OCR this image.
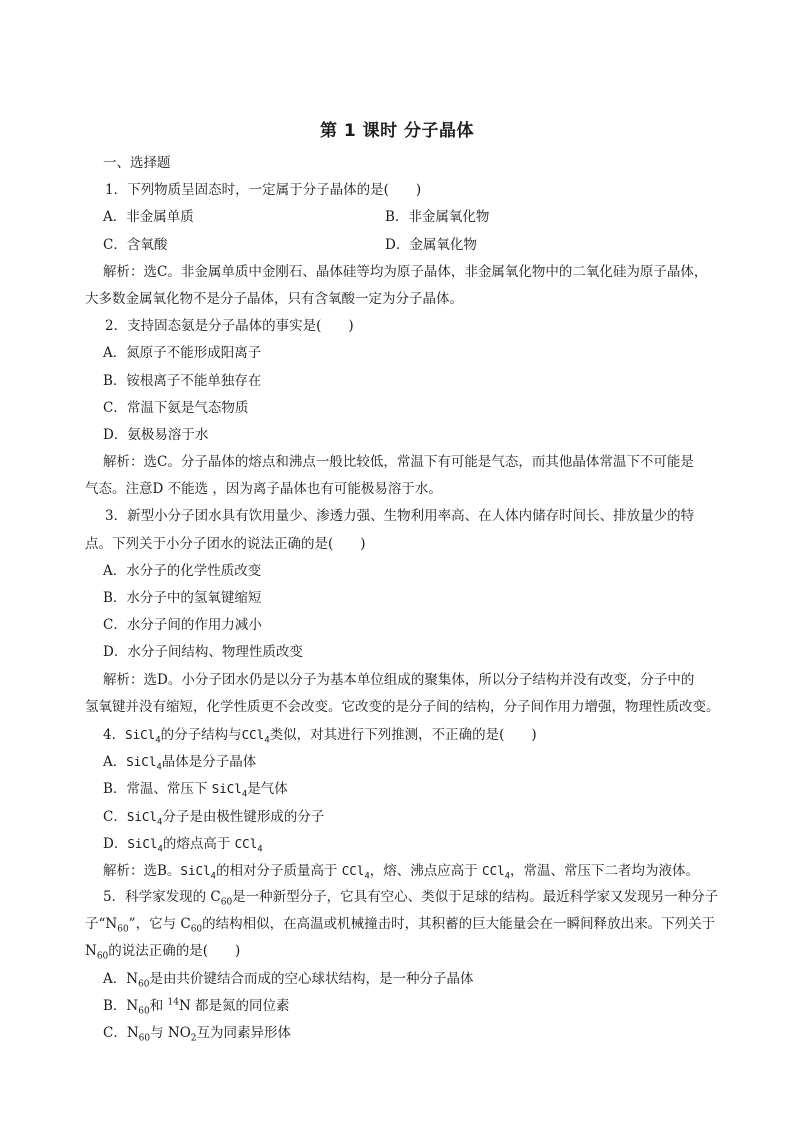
第 1 课时 分子晶体
一、选择题
1．下列物质呈固态时，一定属于分子晶体的是(　　)
A．非金属单质	B．非金属氧化物
C．含氧酸	D．金属氧化物
解析：选C。非金属单质中金刚石、晶体硅等均为原子晶体，非金属氧化物中的二氧化硅为原子晶体，
大多数金属氧化物不是分子晶体，只有含氧酸一定为分子晶体。
2．支持固态氨是分子晶体的事实是(　　)
A．氮原子不能形成阳离子
B．铵根离子不能单独存在
C．常温下氨是气态物质
D．氨极易溶于水
解析：选C。分子晶体的熔点和沸点一般比较低，常温下有可能是气态，而其他晶体常温下不可能是
气态。注意D 不能选 ，因为离子晶体也有可能极易溶于水。
3．新型小分子团水具有饮用量少、渗透力强、生物利用率高、在人体内储存时间长、排放量少的特
点。下列关于小分子团水的说法正确的是(　　)
A．水分子的化学性质改变
B．水分子中的氢氧键缩短
C．水分子间的作用力减小
D．水分子间结构、物理性质改变
解析：选D。小分子团水仍是以分子为基本单位组成的聚集体，所以分子结构并没有改变，分子中的
氢氧键并没有缩短，化学性质更不会改变。它改变的是分子间的结构，分子间作用力增强，物理性质改变。
4．SiCl$_4$的分子结构与CCl$_4$类似，对其进行下列推测，不正确的是(　　)
A．SiCl$_4$晶体是分子晶体
B．常温、常压下 SiCl$_4$是气体
C．SiCl$_4$分子是由极性键形成的分子
D．SiCl$_4$的熔点高于 CCl$_4$
解析：选B。SiCl$_4$的相对分子质量高于 CCl$_4$，熔、沸点应高于 CCl$_4$，常温、常压下二者均为液体。
5．科学家发现的 $C_{60}$是一种新型分子，它具有空心、类似于足球的结构。最近科学家又发现另一种分子
子“$N_{60}$”，它与 $C_{60}$的结构相似，在高温或机械撞击时，其积蓄的巨大能量会在一瞬间释放出来。下列关于
$N_{60}$的说法正确的是(　　)
A．$N_{60}$是由共价键结合而成的空心球状结构，是一种分子晶体
B．$N_{60}$和 $^{14}$N 都是氮的同位素
C．$N_{60}$与 $NO_2$互为同素异形体
